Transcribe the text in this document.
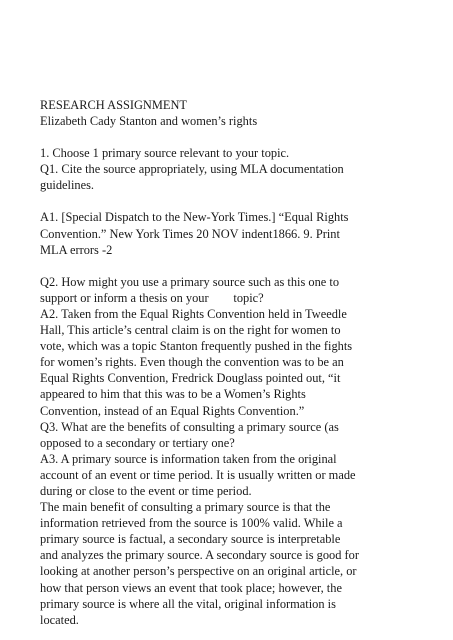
RESEARCH ASSIGNMENT
Elizabeth Cady Stanton and women’s rights
1. Choose 1 primary source relevant to your topic.
Q1. Cite the source appropriately, using MLA documentation
guidelines.
A1. [Special Dispatch to the New-York Times.] “Equal Rights
Convention.” New York Times 20 NOV indent1866. 9. Print
MLA errors -2
Q2. How might you use a primary source such as this one to
support or inform a thesis on your        topic?
A2. Taken from the Equal Rights Convention held in Tweedle
Hall, This article’s central claim is on the right for women to
vote, which was a topic Stanton frequently pushed in the fights
for women’s rights. Even though the convention was to be an
Equal Rights Convention, Fredrick Douglass pointed out, “it
appeared to him that this was to be a Women’s Rights
Convention, instead of an Equal Rights Convention.”
Q3. What are the benefits of consulting a primary source (as
opposed to a secondary or tertiary one?
A3. A primary source is information taken from the original
account of an event or time period. It is usually written or made
during or close to the event or time period.
The main benefit of consulting a primary source is that the
information retrieved from the source is 100% valid. While a
primary source is factual, a secondary source is interpretable
and analyzes the primary source. A secondary source is good for
looking at another person’s perspective on an original article, or
how that person views an event that took place; however, the
primary source is where all the vital, original information is
located.
